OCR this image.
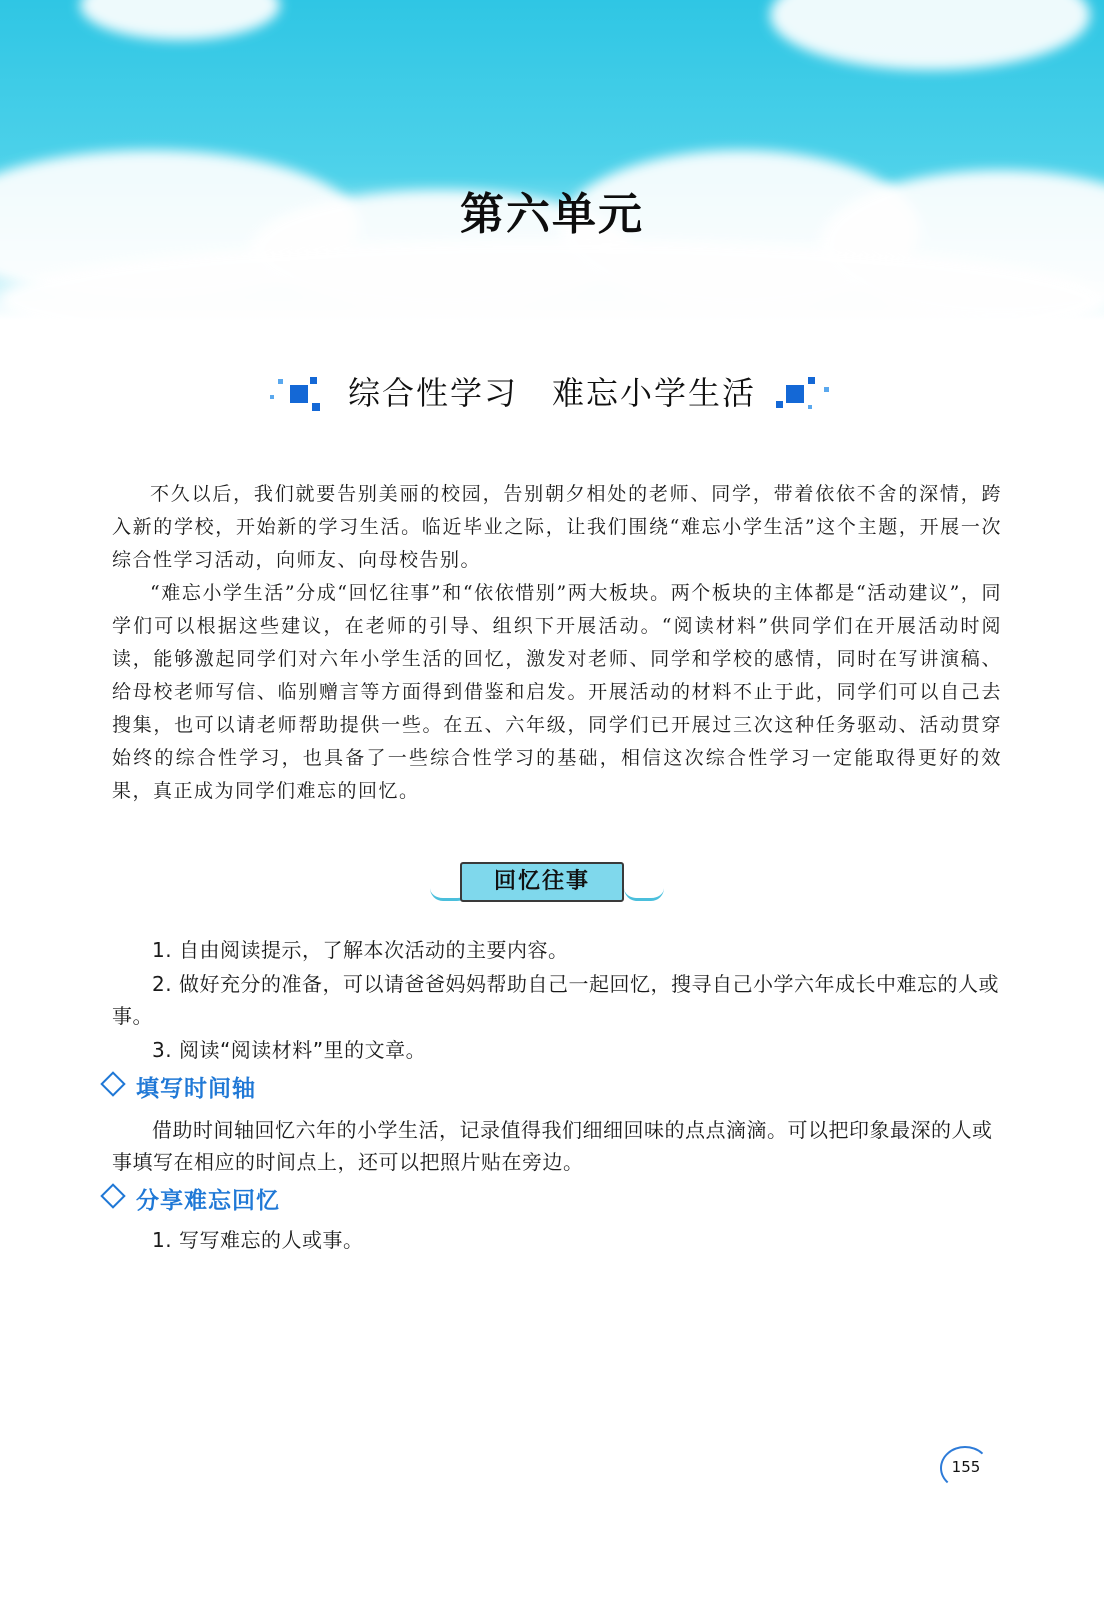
第六单元
综合性学习　难忘小学生活

不久以后，我们就要告别美丽的校园，告别朝夕相处的老师、同学，带着依依不舍的深情，跨入新的学校，开始新的学习生活。临近毕业之际，让我们围绕“难忘小学生活”这个主题，开展一次综合性学习活动，向师友、向母校告别。

“难忘小学生活”分成“回忆往事”和“依依惜别”两大板块。两个板块的主体都是“活动建议”，同学们可以根据这些建议，在老师的引导、组织下开展活动。“阅读材料”供同学们在开展活动时阅读，能够激起同学们对六年小学生活的回忆，激发对老师、同学和学校的感情，同时在写讲演稿、给母校老师写信、临别赠言等方面得到借鉴和启发。开展活动的材料不止于此，同学们可以自己去搜集，也可以请老师帮助提供一些。在五、六年级，同学们已开展过三次这种任务驱动、活动贯穿始终的综合性学习，也具备了一些综合性学习的基础，相信这次综合性学习一定能取得更好的效果，真正成为同学们难忘的回忆。

回忆往事

1. 自由阅读提示，了解本次活动的主要内容。

2. 做好充分的准备，可以请爸爸妈妈帮助自己一起回忆，搜寻自己小学六年成长中难忘的人或事。

3. 阅读“阅读材料”里的文章。

填写时间轴

借助时间轴回忆六年的小学生活，记录值得我们细细回味的点点滴滴。可以把印象最深的人或事填写在相应的时间点上，还可以把照片贴在旁边。

分享难忘回忆

1. 写写难忘的人或事。

155
